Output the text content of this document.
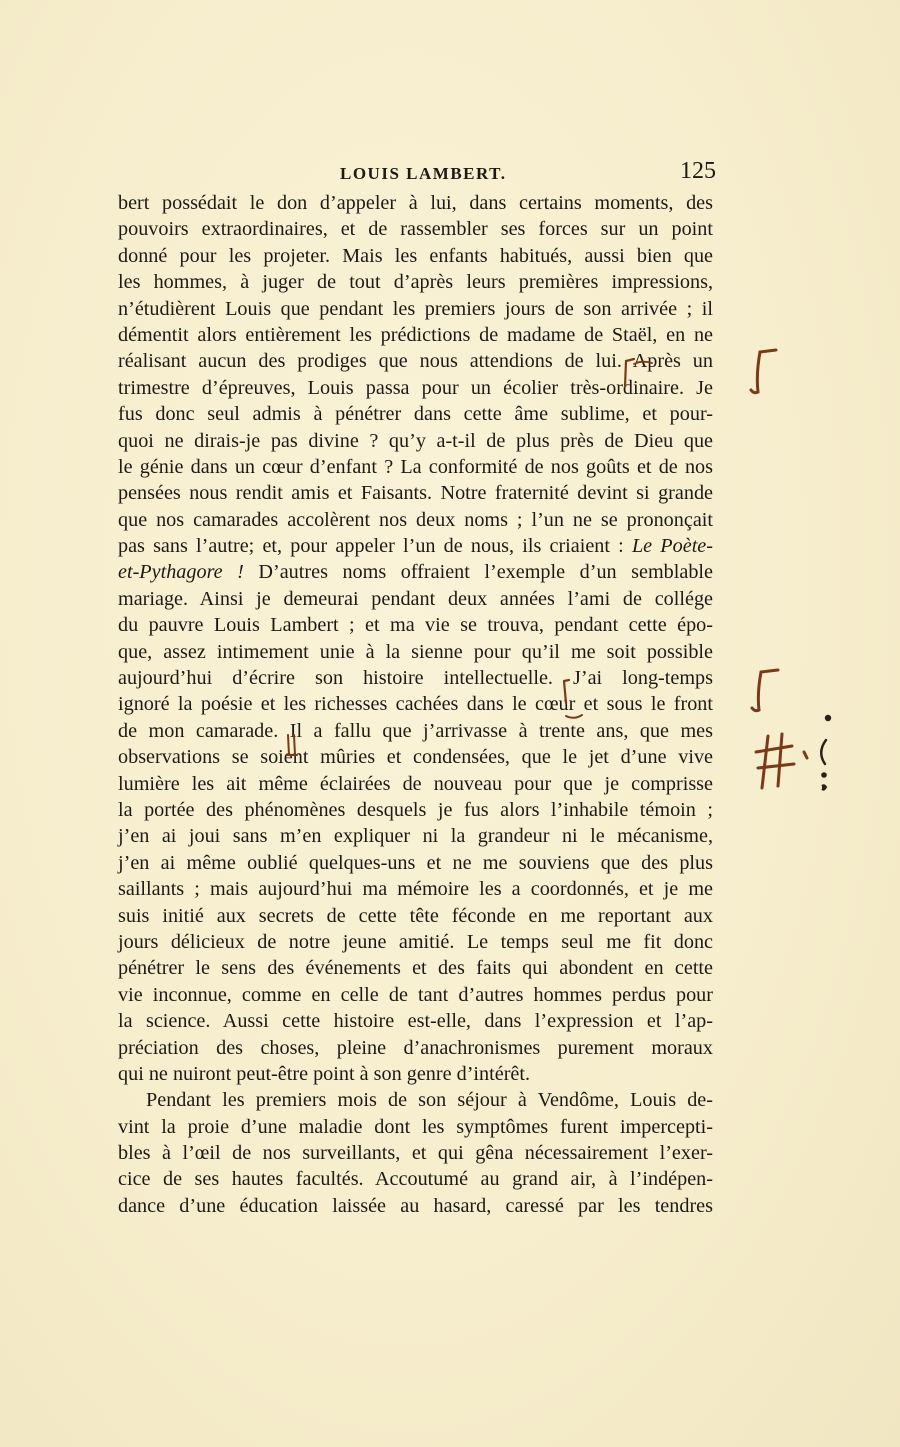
LOUIS LAMBERT.	125
bert possédait le don d’appeler à lui, dans certains moments, des
pouvoirs extraordinaires, et de rassembler ses forces sur un point
donné pour les projeter. Mais les enfants habitués, aussi bien que
les hommes, à juger de tout d’après leurs premières impressions,
n’étudièrent Louis que pendant les premiers jours de son arrivée ; il
démentit alors entièrement les prédictions de madame de Staël, en ne
réalisant aucun des prodiges que nous attendions de lui. Après un
trimestre d’épreuves, Louis passa pour un écolier très-ordinaire. Je
fus donc seul admis à pénétrer dans cette âme sublime, et pour-
quoi ne dirais-je pas divine ? qu’y a-t-il de plus près de Dieu que
le génie dans un cœur d’enfant ? La conformité de nos goûts et de nos
pensées nous rendit amis et Faisants. Notre fraternité devint si grande
que nos camarades accolèrent nos deux noms ; l’un ne se prononçait
pas sans l’autre; et, pour appeler l’un de nous, ils criaient : Le Poète-
et-Pythagore ! D’autres noms offraient l’exemple d’un semblable
mariage. Ainsi je demeurai pendant deux années l’ami de collége
du pauvre Louis Lambert ; et ma vie se trouva, pendant cette épo-
que, assez intimement unie à la sienne pour qu’il me soit possible
aujourd’hui d’écrire son histoire intellectuelle. J’ai long-temps
ignoré la poésie et les richesses cachées dans le cœur et sous le front
de mon camarade. Il a fallu que j’arrivasse à trente ans, que mes
observations se soient mûries et condensées, que le jet d’une vive
lumière les ait même éclairées de nouveau pour que je comprisse
la portée des phénomènes desquels je fus alors l’inhabile témoin ;
j’en ai joui sans m’en expliquer ni la grandeur ni le mécanisme,
j’en ai même oublié quelques-uns et ne me souviens que des plus
saillants ; mais aujourd’hui ma mémoire les a coordonnés, et je me
suis initié aux secrets de cette tête féconde en me reportant aux
jours délicieux de notre jeune amitié. Le temps seul me fit donc
pénétrer le sens des événements et des faits qui abondent en cette
vie inconnue, comme en celle de tant d’autres hommes perdus pour
la science. Aussi cette histoire est-elle, dans l’expression et l’ap-
préciation des choses, pleine d’anachronismes purement moraux
qui ne nuiront peut-être point à son genre d’intérêt.
Pendant les premiers mois de son séjour à Vendôme, Louis de-
vint la proie d’une maladie dont les symptômes furent impercepti-
bles à l’œil de nos surveillants, et qui gêna nécessairement l’exer-
cice de ses hautes facultés. Accoutumé au grand air, à l’indépen-
dance d’une éducation laissée au hasard, caressé par les tendres
